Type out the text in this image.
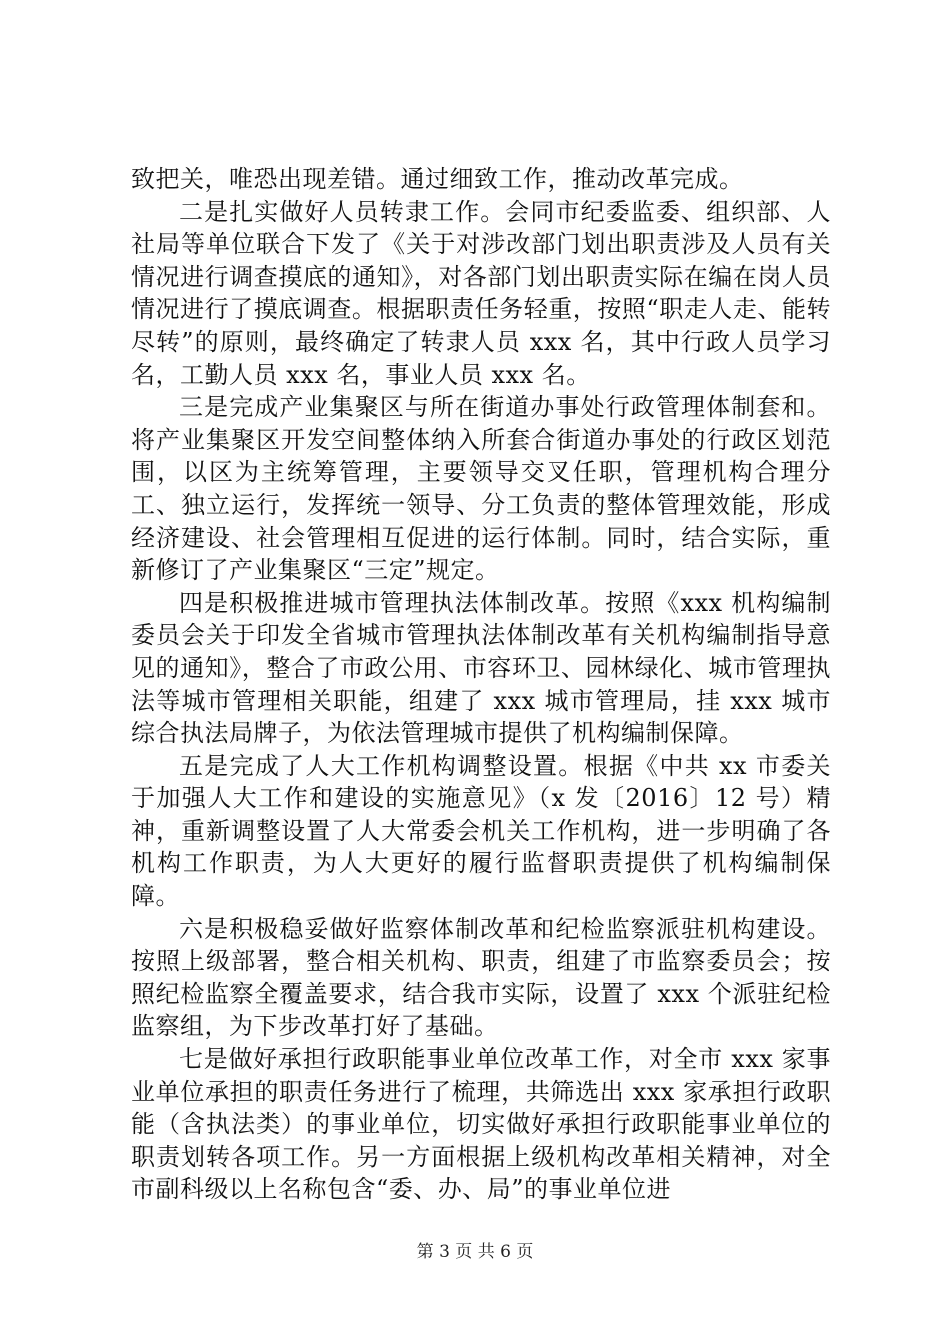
致把关，唯恐出现差错。通过细致工作，推动改革完成。

二是扎实做好人员转隶工作。会同市纪委监委、组织部、人社局等单位联合下发了《关于对涉改部门划出职责涉及人员有关情况进行调查摸底的通知》，对各部门划出职责实际在编在岗人员情况进行了摸底调查。根据职责任务轻重，按照“职走人走、能转尽转”的原则，最终确定了转隶人员 xxx 名，其中行政人员学习名，工勤人员 xxx 名，事业人员 xxx 名。

三是完成产业集聚区与所在街道办事处行政管理体制套和。将产业集聚区开发空间整体纳入所套合街道办事处的行政区划范围，以区为主统筹管理，主要领导交叉任职，管理机构合理分工、独立运行，发挥统一领导、分工负责的整体管理效能，形成经济建设、社会管理相互促进的运行体制。同时，结合实际，重新修订了产业集聚区“三定”规定。

四是积极推进城市管理执法体制改革。按照《xxx 机构编制委员会关于印发全省城市管理执法体制改革有关机构编制指导意见的通知》，整合了市政公用、市容环卫、园林绿化、城市管理执法等城市管理相关职能，组建了 xxx 城市管理局，挂 xxx 城市综合执法局牌子，为依法管理城市提供了机构编制保障。

五是完成了人大工作机构调整设置。根据《中共 xx 市委关于加强人大工作和建设的实施意见》（x 发〔2016〕12 号）精神，重新调整设置了人大常委会机关工作机构，进一步明确了各机构工作职责，为人大更好的履行监督职责提供了机构编制保障。

六是积极稳妥做好监察体制改革和纪检监察派驻机构建设。按照上级部署，整合相关机构、职责，组建了市监察委员会；按照纪检监察全覆盖要求，结合我市实际，设置了 xxx 个派驻纪检监察组，为下步改革打好了基础。

七是做好承担行政职能事业单位改革工作，对全市 xxx 家事业单位承担的职责任务进行了梳理，共筛选出 xxx 家承担行政职能（含执法类）的事业单位，切实做好承担行政职能事业单位的职责划转各项工作。另一方面根据上级机构改革相关精神，对全市副科级以上名称包含“委、办、局”的事业单位进

第 3 页 共 6 页
